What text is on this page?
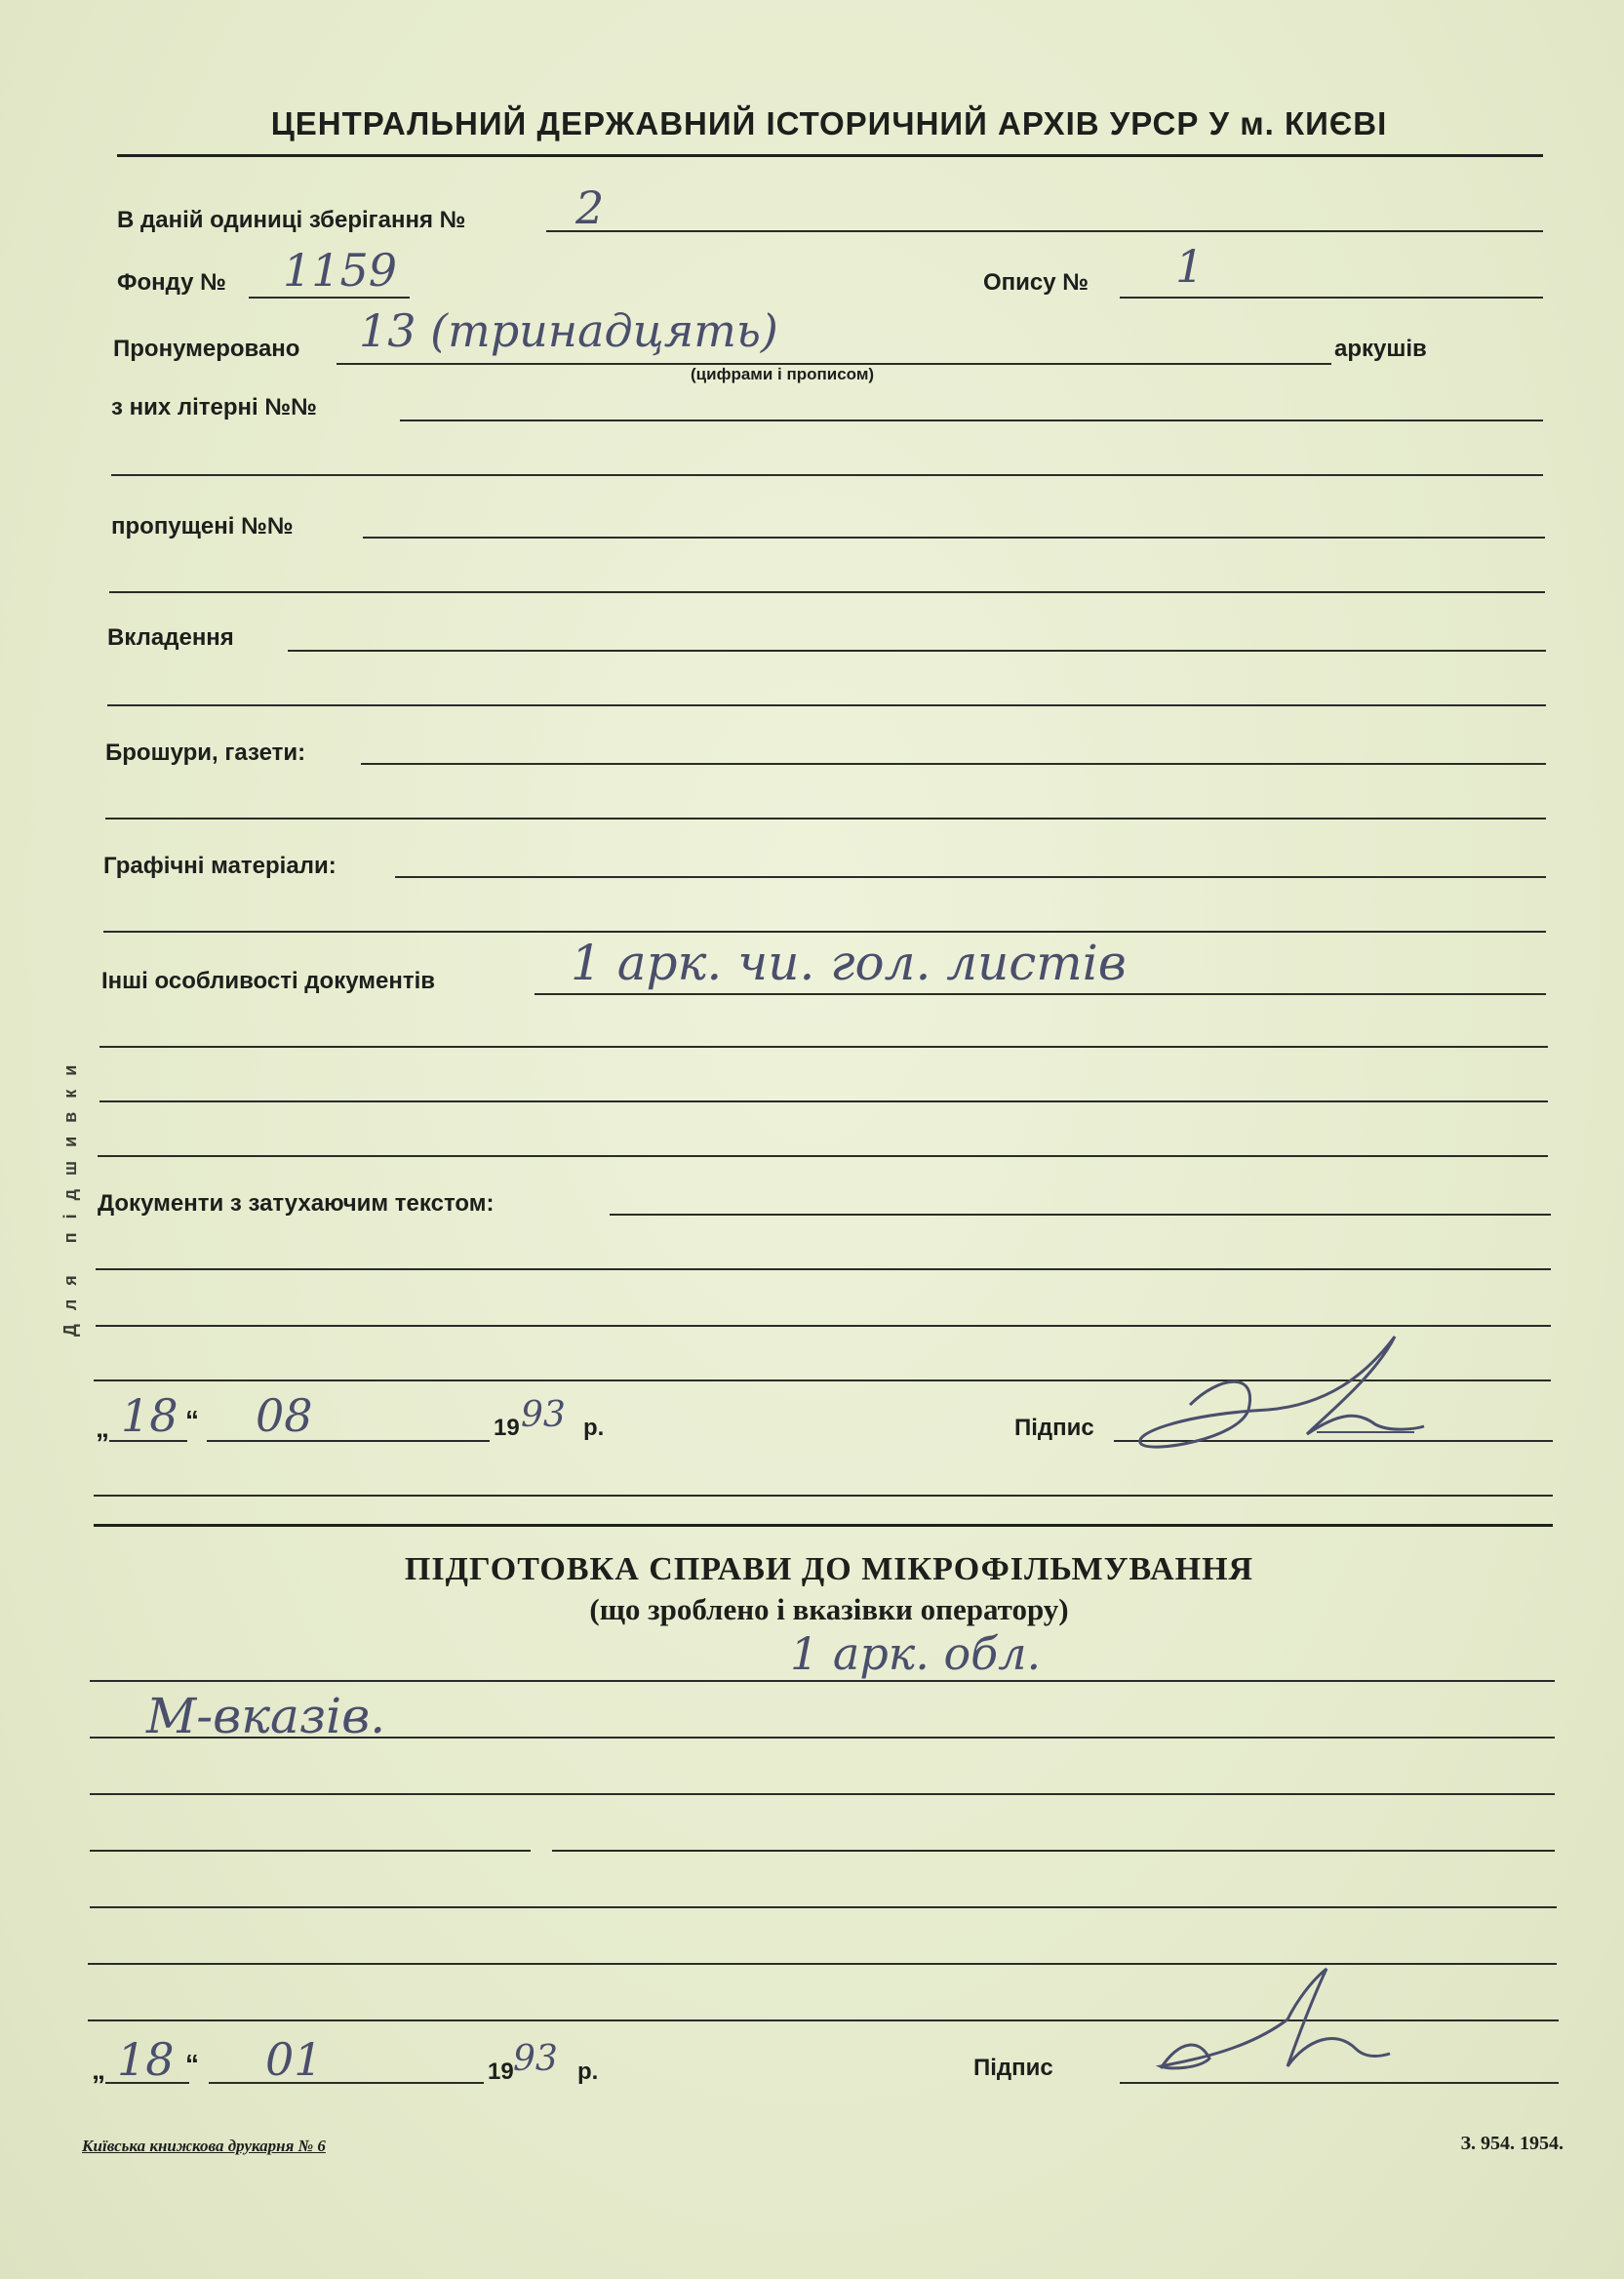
ЦЕНТРАЛЬНИЙ ДЕРЖАВНИЙ ІСТОРИЧНИЙ АРХІВ УРСР У м. КИЄВІ
Для підшивки
В даній одиниці зберігання № 2
Фонду № 1159	Опису № 1
Пронумеровано 13 (тринадцять)
(цифрами і прописом)
аркушів
з них літерні №№
пропущені №№
Вкладення
Брошури, газети:
Графічні матеріали:
Інші особливості документів	1 арк. чи. гол. листів
Документи з затухаючим текстом:
„ 18 “ 08	19 93 р.	Підпис
ПІДГОТОВКА СПРАВИ ДО МІКРОФІЛЬМУВАННЯ
(що зроблено і вказівки оператору)
1 арк. обл.
М-вказів.
„ 18 “ 01	19 93 р.	Підпис
Київська книжкова друкарня № 6	З. 954. 1954.
